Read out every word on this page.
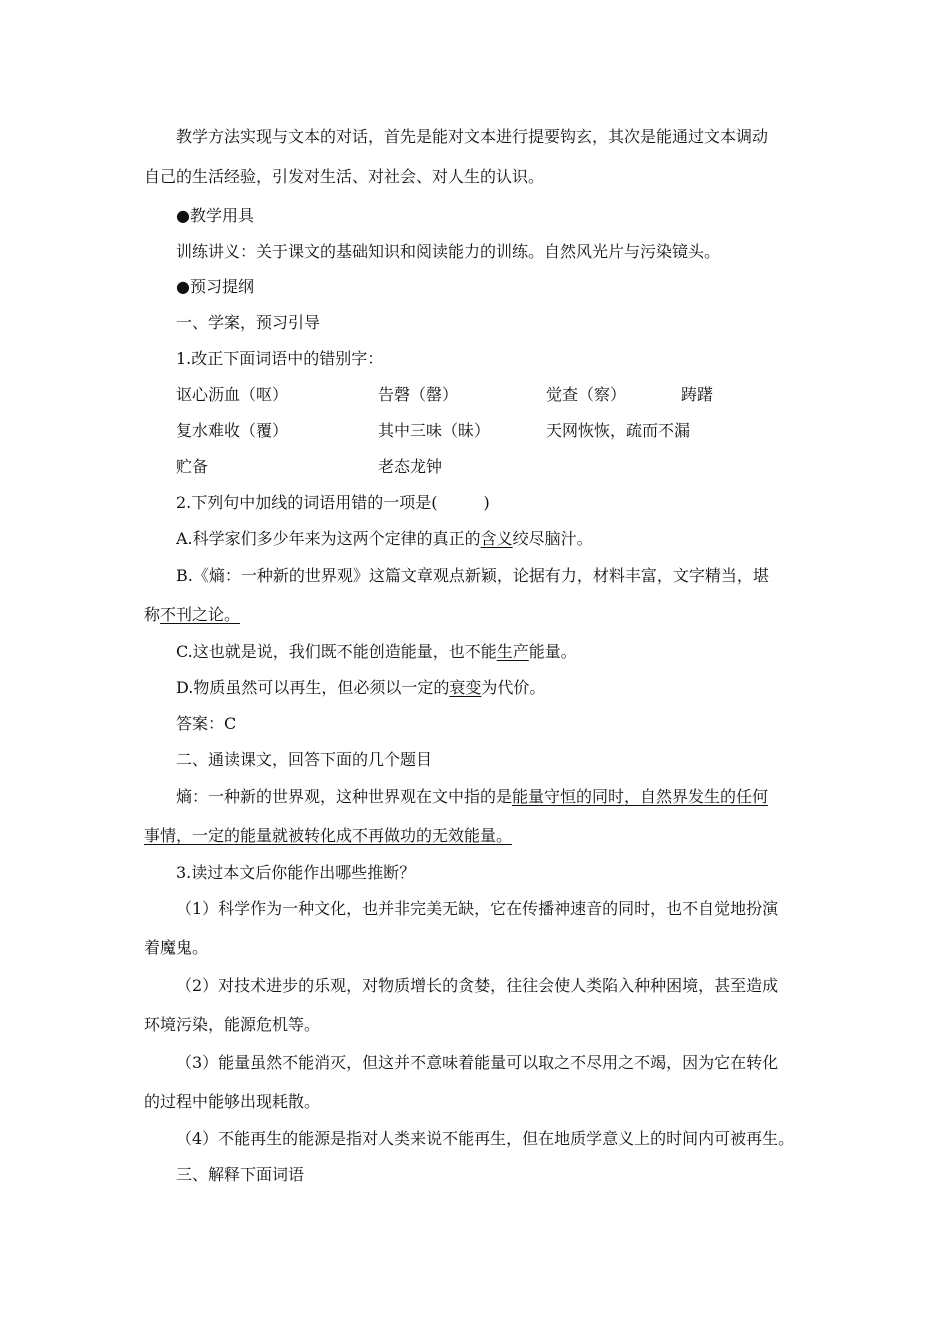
教学方法实现与文本的对话，首先是能对文本进行提要钩玄，其次是能通过文本调动
自己的生活经验，引发对生活、对社会、对人生的认识。
●教学用具
训练讲义：关于课文的基础知识和阅读能力的训练。自然风光片与污染镜头。
●预习提纲
一、学案，预习引导
1.改正下面词语中的错别字：
讴心沥血（呕）	告磬（罄）	觉查（察）	踌躇
复水难收（覆）	其中三味（昧）	天网恢恢，疏而不漏
贮备	老态龙钟
2.下列句中加线的词语用错的一项是(	)
A.科学家们多少年来为这两个定律的真正的含义绞尽脑汁。
B.《熵：一种新的世界观》这篇文章观点新颖，论据有力，材料丰富，文字精当，堪
称不刊之论。
C.这也就是说，我们既不能创造能量，也不能生产能量。
D.物质虽然可以再生，但必须以一定的衰变为代价。
答案：C
二、通读课文，回答下面的几个题目
熵：一种新的世界观，这种世界观在文中指的是能量守恒的同时，自然界发生的任何
事情，一定的能量就被转化成不再做功的无效能量。
3.读过本文后你能作出哪些推断？
（1）科学作为一种文化，也并非完美无缺，它在传播神速音的同时，也不自觉地扮演
着魔鬼。
（2）对技术进步的乐观，对物质增长的贪婪，往往会使人类陷入种种困境，甚至造成
环境污染，能源危机等。
（3）能量虽然不能消灭，但这并不意味着能量可以取之不尽用之不竭，因为它在转化
的过程中能够出现耗散。
（4）不能再生的能源是指对人类来说不能再生，但在地质学意义上的时间内可被再生。
三、解释下面词语
